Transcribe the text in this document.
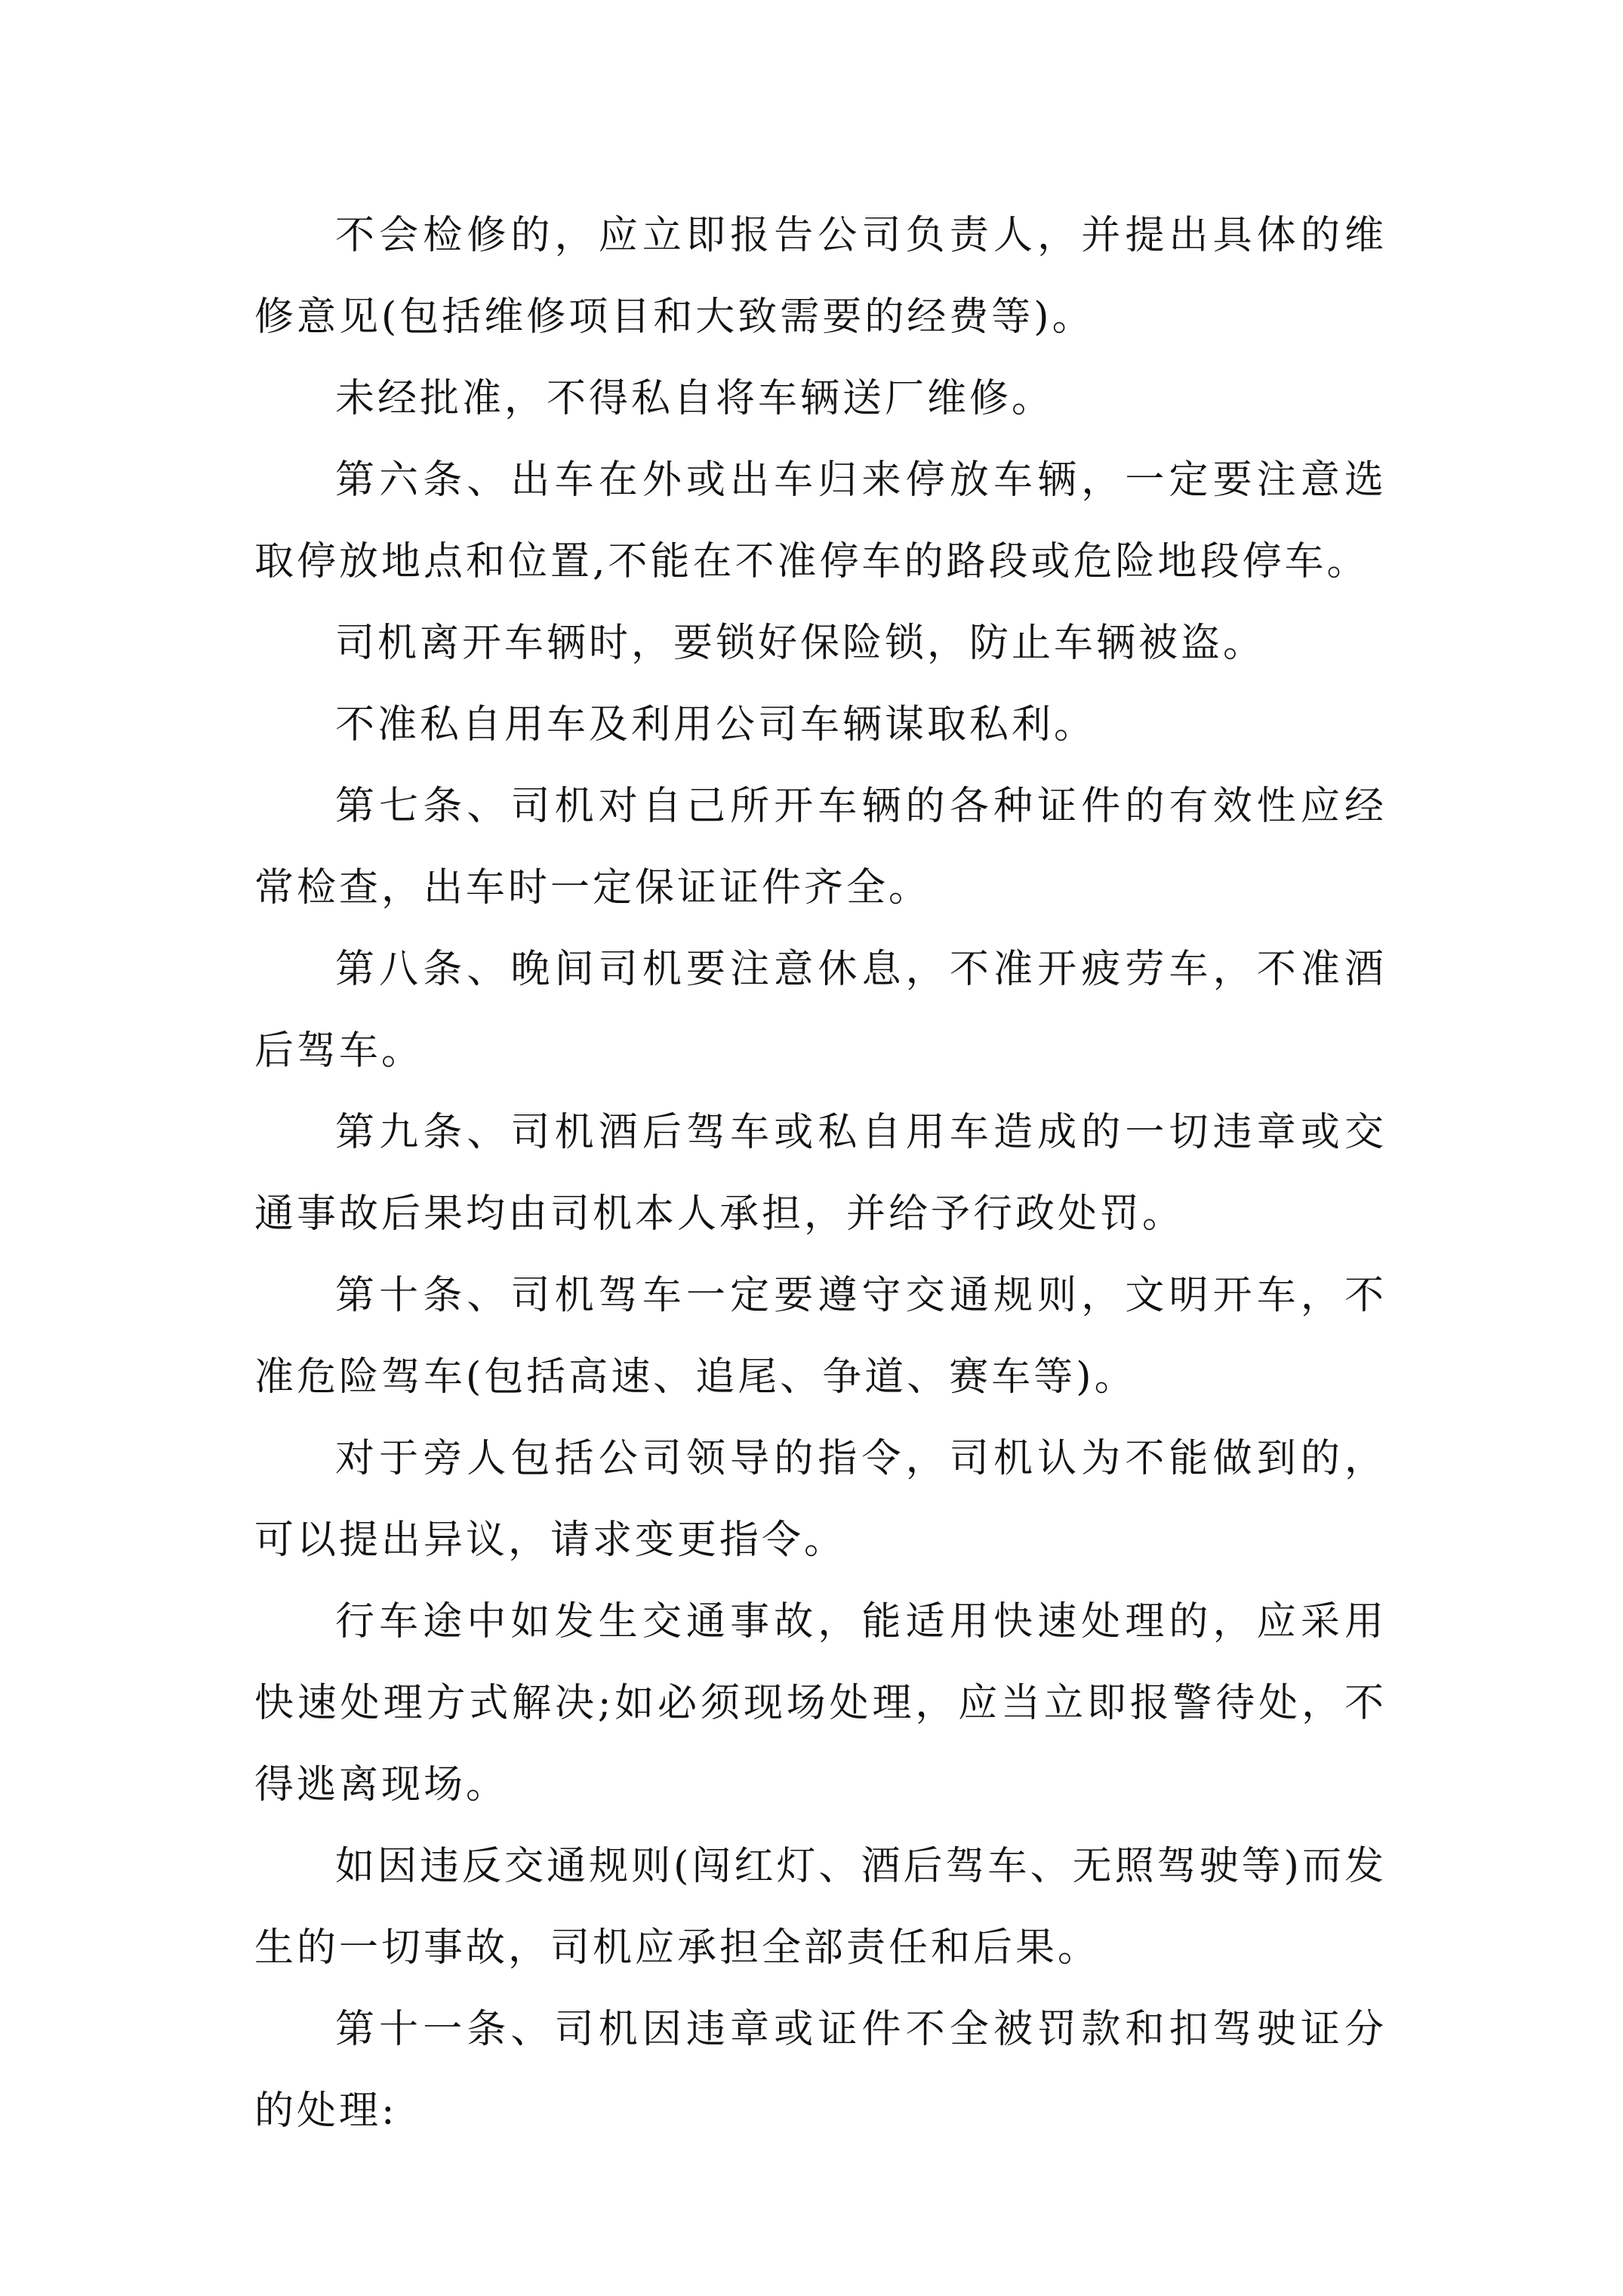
不会检修的，应立即报告公司负责人，并提出具体的维修意见(包括维修项目和大致需要的经费等)。

未经批准，不得私自将车辆送厂维修。

第六条、出车在外或出车归来停放车辆，一定要注意选取停放地点和位置,不能在不准停车的路段或危险地段停车。

司机离开车辆时，要锁好保险锁，防止车辆被盗。

不准私自用车及利用公司车辆谋取私利。

第七条、司机对自己所开车辆的各种证件的有效性应经常检查，出车时一定保证证件齐全。

第八条、晚间司机要注意休息，不准开疲劳车，不准酒后驾车。

第九条、司机酒后驾车或私自用车造成的一切违章或交通事故后果均由司机本人承担，并给予行政处罚。

第十条、司机驾车一定要遵守交通规则，文明开车，不准危险驾车(包括高速、追尾、争道、赛车等)。

对于旁人包括公司领导的指令，司机认为不能做到的，可以提出异议，请求变更指令。

行车途中如发生交通事故，能适用快速处理的，应采用快速处理方式解决;如必须现场处理，应当立即报警待处，不得逃离现场。

如因违反交通规则(闯红灯、酒后驾车、无照驾驶等)而发生的一切事故，司机应承担全部责任和后果。

第十一条、司机因违章或证件不全被罚款和扣驾驶证分的处理:
